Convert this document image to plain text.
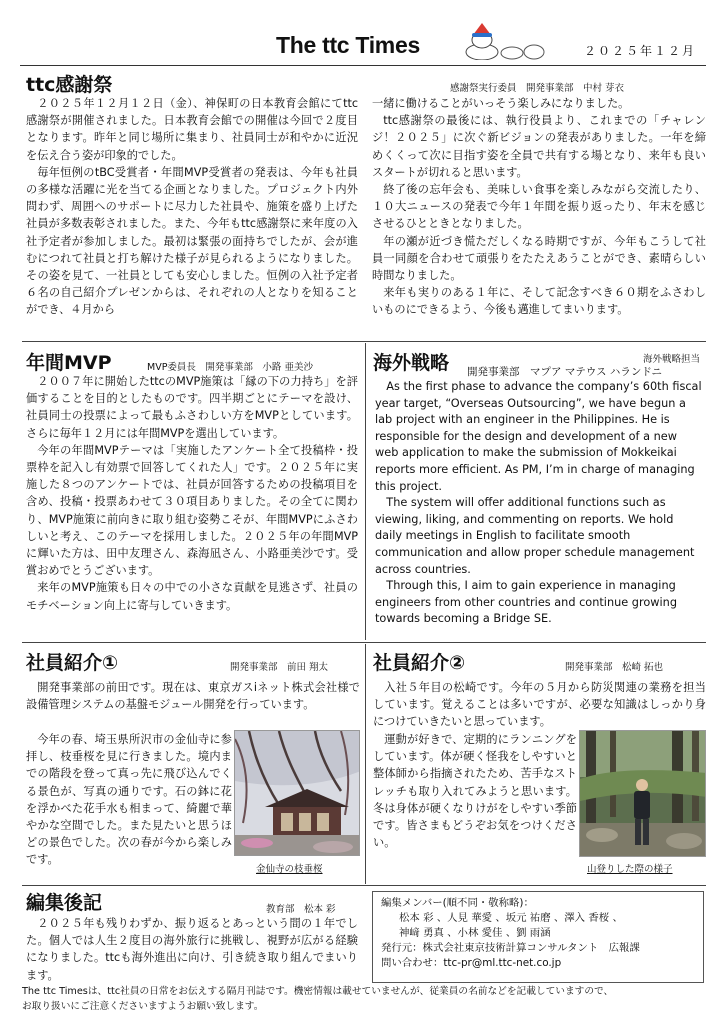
The ttc Times	２０２５年１２月
ttc感謝祭	感謝祭実行委員　開発事業部　中村 芽衣

２０２５年１２月１２日（金）、神保町の日本教育会館にてttc感謝祭が開催されました。日本教育会館での開催は今回で２度目となります。昨年と同じ場所に集まり、社員同士が和やかに近況を伝え合う姿が印象的でした。

毎年恒例のtBC受賞者・年間MVP受賞者の発表は、今年も社員の多様な活躍に光を当てる企画となりました。プロジェクト内外問わず、周囲へのサポートに尽力した社員や、施策を盛り上げた社員が多数表彰されました。また、今年もttc感謝祭に来年度の入社予定者が参加しました。最初は緊張の面持ちでしたが、会が進むにつれて社員と打ち解けた様子が見られるようになりました。その姿を見て、一社員としても安心しました。恒例の入社予定者６名の自己紹介プレゼンからは、それぞれの人となりを知ることができ、４月から

一緒に働けることがいっそう楽しみになりました。

ttc感謝祭の最後には、執行役員より、これまでの「チャレンジ！２０２５」に次ぐ新ビジョンの発表がありました。一年を締めくくって次に目指す姿を全員で共有する場となり、来年も良いスタートが切れると思います。

終了後の忘年会も、美味しい食事を楽しみながら交流したり、１０大ニュースの発表で今年１年間を振り返ったり、年末を感じさせるひとときとなりました。

年の瀬が近づき慌ただしくなる時期ですが、今年もこうして社員一同顔を合わせて頑張りをたたえあうことができ、素晴らしい時間なりました。

来年も実りのある１年に、そして記念すべき６０期をふさわしいものにできるよう、今後も邁進してまいります。

年間MVP	MVP委員長　開発事業部　小路 亜美沙

２００７年に開始したttcのMVP施策は「縁の下の力持ち」を評価することを目的としたものです。四半期ごとにテーマを設け、社員同士の投票によって最もふさわしい方をMVPとしています。さらに毎年１２月には年間MVPを選出しています。

今年の年間MVPテーマは「実施したアンケート全て投稿枠・投票枠を記入し有効票で回答してくれた人」です。２０２５年に実施した８つのアンケートでは、社員が回答するための投稿項目を含め、投稿・投票あわせて３０項目ありました。その全てに関わり、MVP施策に前向きに取り組む姿勢こそが、年間MVPにふさわしいと考え、このテーマを採用しました。２０２５年の年間MVPに輝いた方は、田中友理さん、森海凪さん、小路亜美沙です。受賞おめでとうございます。

来年のMVP施策も日々の中での小さな貢献を見逃さず、社員のモチベーション向上に寄与していきます。

海外戦略	海外戦略担当
開発事業部　マプア マテウス ハランドニ

As the first phase to advance the company’s 60th fiscal year target, “Overseas Outsourcing”, we have begun a lab project with an engineer in the Philippines. He is responsible for the design and development of a new web application to make the submission of Mokkeikai reports more efficient. As PM, I’m in charge of managing this project.

The system will offer additional functions such as viewing, liking, and commenting on reports. We hold daily meetings in English to facilitate smooth communication and allow proper schedule management across countries.

Through this, I aim to gain experience in managing engineers from other countries and continue growing towards becoming a Bridge SE.

社員紹介①	開発事業部　前田 翔太

開発事業部の前田です。現在は、東京ガスiネット株式会社様で設備管理システムの基盤モジュール開発を行っています。

今年の春、埼玉県所沢市の金仙寺に参拝し、枝垂桜を見に行きました。境内までの階段を登って真っ先に飛び込んでくる景色が、写真の通りです。石の鉢に花を浮かべた花手水も相まって、綺麗で華やかな空間でした。また見たいと思うほどの景色でした。次の春が今から楽しみです。

金仙寺の枝垂桜
社員紹介②	開発事業部　松崎 拓也

入社５年目の松崎です。今年の５月から防災関連の業務を担当しています。覚えることは多いですが、必要な知識はしっかり身につけていきたいと思っています。

運動が好きで、定期的にランニングをしています。体が硬く怪我をしやすいと整体師から指摘されたため、苦手なストレッチも取り入れてみようと思います。冬は身体が硬くなりけがをしやすい季節です。皆さまもどうぞお気をつけください。

山登りした際の様子
編集後記	教育部　松本 彩

２０２５年も残りわずか、振り返るとあっという間の１年でした。個人では人生２度目の海外旅行に挑戦し、視野が広がる経験になりました。ttcも海外進出に向け、引き続き取り組んでまいります。

編集メンバー(順不同・敬称略)：
松本 彩 、人見 華愛 、坂元 祐磨 、澤入 香桜 、
神﨑 勇真 、小林 愛佳 、劉 雨涵
発行元：株式会社東京技術計算コンサルタント　広報課
問い合わせ：ttc-pr@ml.ttc-net.co.jp
The ttc Timesは、ttc社員の日常をお伝えする隔月刊誌です。機密情報は載せていませんが、従業員の名前などを記載していますので、
お取り扱いにご注意くださいますようお願い致します。
